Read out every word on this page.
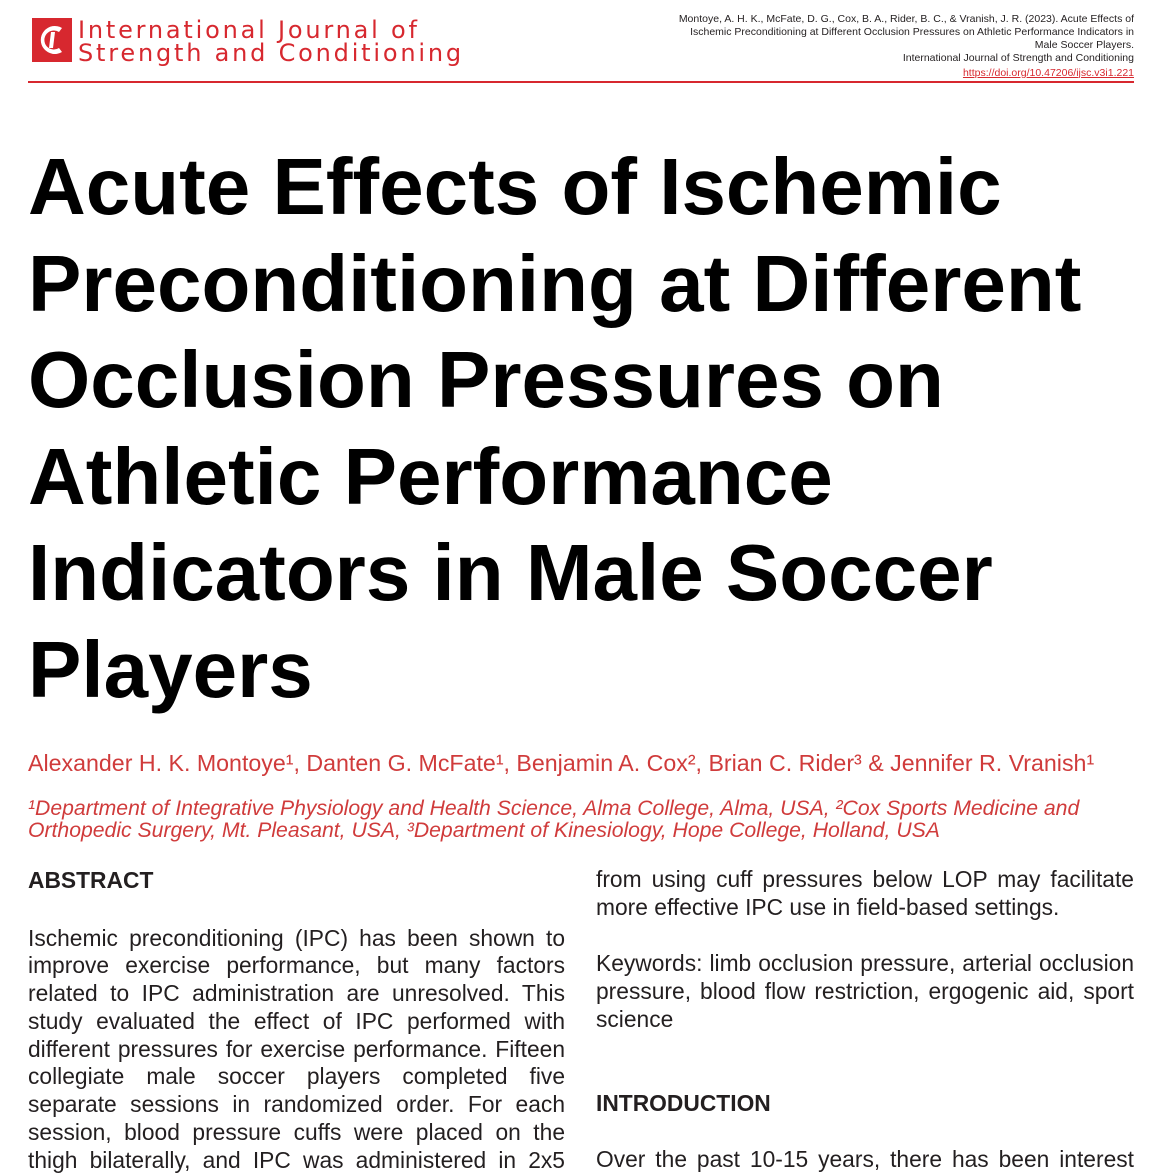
International Journal of
Strength and Conditioning
Montoye, A. H. K., McFate, D. G., Cox, B. A., Rider, B. C., & Vranish, J. R. (2023). Acute Effects of
Ischemic Preconditioning at Different Occlusion Pressures on Athletic Performance Indicators in
Male Soccer Players.
International Journal of Strength and Conditioning
https://doi.org/10.47206/ijsc.v3i1.221
Acute Effects of Ischemic
Preconditioning at Different
Occlusion Pressures on
Athletic Performance
Indicators in Male Soccer
Players
Alexander H. K. Montoye¹, Danten G. McFate¹, Benjamin A. Cox², Brian C. Rider³ & Jennifer R. Vranish¹
¹Department of Integrative Physiology and Health Science, Alma College, Alma, USA, ²Cox Sports Medicine and
Orthopedic Surgery, Mt. Pleasant, USA, ³Department of Kinesiology, Hope College, Holland, USA
ABSTRACT
Ischemic preconditioning (IPC) has been shown to
improve exercise performance, but many factors
related to IPC administration are unresolved. This
study evaluated the effect of IPC performed with
different pressures for exercise performance. Fifteen
collegiate male soccer players completed five
separate sessions in randomized order. For each
session, blood pressure cuffs were placed on the
thigh bilaterally, and IPC was administered in 2x5
from using cuff pressures below LOP may facilitate
more effective IPC use in field-based settings.
Keywords: limb occlusion pressure, arterial occlusion
pressure, blood flow restriction, ergogenic aid, sport
science
INTRODUCTION
Over the past 10-15 years, there has been interest
